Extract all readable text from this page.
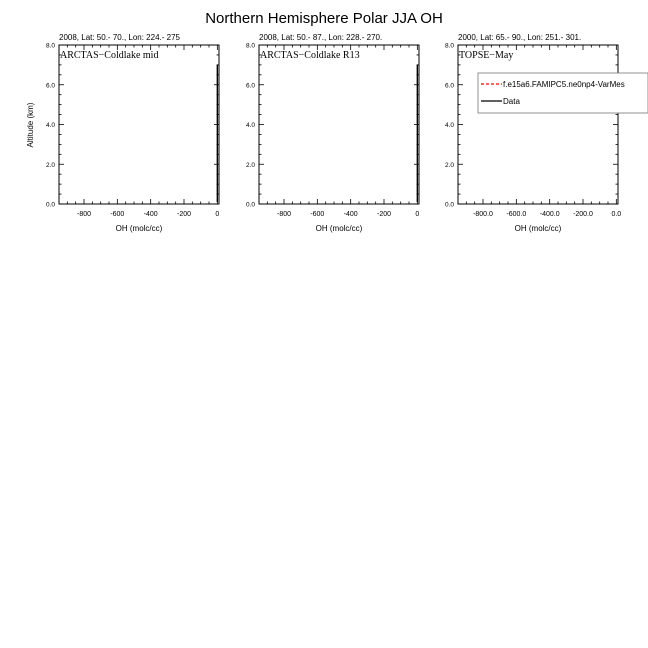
Northern Hemisphere Polar JJA OH
Altitude (km)
-800	-600	-400	-200	0
0.0
2.0
4.0
6.0
8.0
2008, Lat: 50.- 70., Lon: 224.- 275
ARCTAS−Coldlake mid
OH (molc/cc)
-800	-600	-400	-200	0
0.0
2.0
4.0
6.0
8.0
2008, Lat: 50.- 87., Lon: 228.- 270.
ARCTAS−Coldlake R13
OH (molc/cc)
-800.0 -600.0 -400.0 -200.0	0.0
0.0
2.0
4.0
6.0
8.0
2000, Lat: 65.- 90., Lon: 251.- 301.
TOPSE−May
OH (molc/cc)
f.e15a6.FAMIPC5.ne0np4-VarMes
Data
